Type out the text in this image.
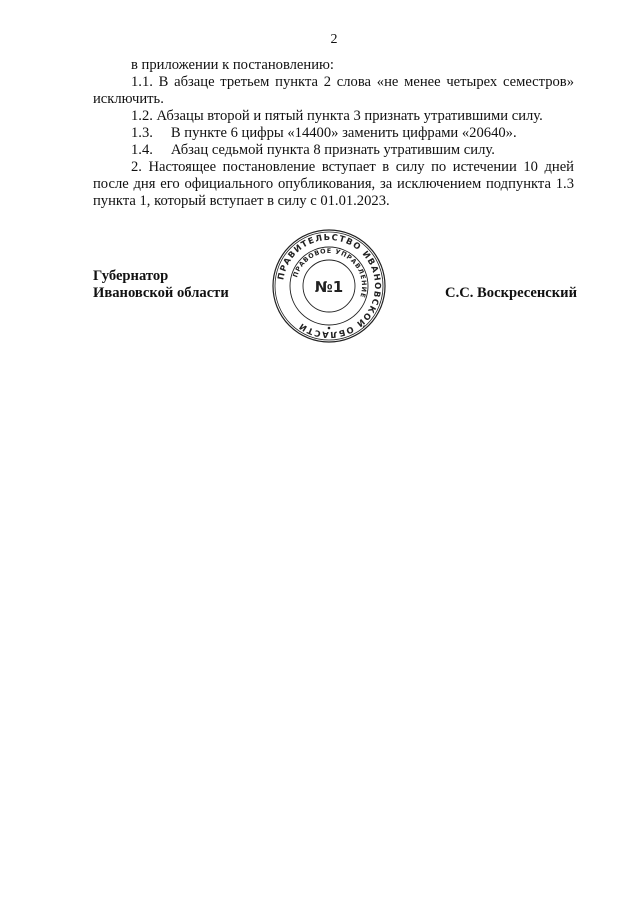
2

в приложении к постановлению:

1.1. В абзаце третьем пункта 2 слова «не менее четырех семестров» исключить.

1.2. Абзацы второй и пятый пункта 3 признать утратившими силу.

1.3. В пункте 6 цифры «14400» заменить цифрами «20640».

1.4. Абзац седьмой пункта 8 признать утратившим силу.

2. Настоящее постановление вступает в силу по истечении 10 дней после дня его официального опубликования, за исключением подпункта 1.3 пункта 1, который вступает в силу с 01.01.2023.

Губернатор
Ивановской области
ПРАВИТЕЛЬСТВО ИВАНОВСКОЙ ОБЛАСТИ
ПРАВОВОЕ УПРАВЛЕНИЕ
№1	С.С. Воскресенский
